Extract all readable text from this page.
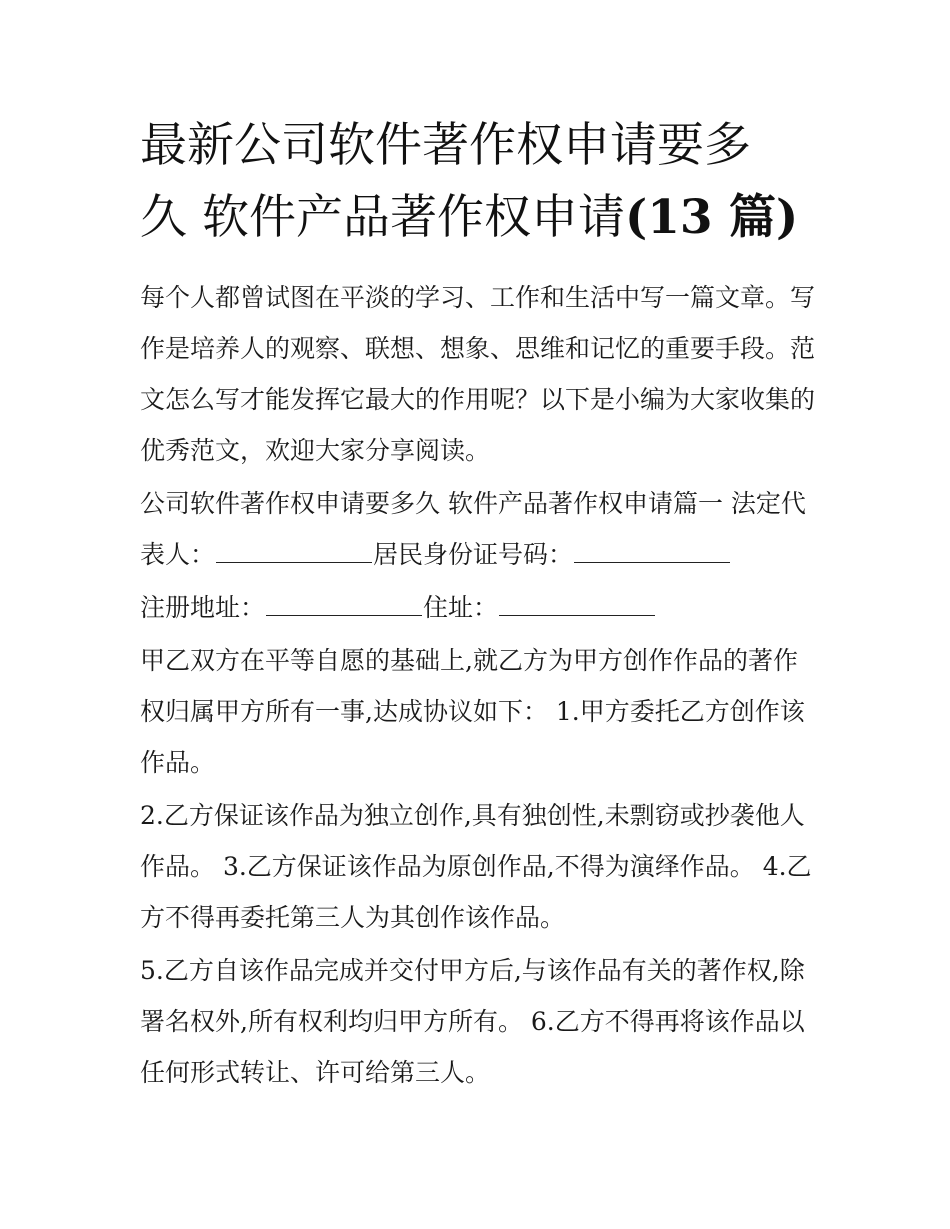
最新公司软件著作权申请要多
久 软件产品著作权申请(13 篇)

每个人都曾试图在平淡的学习、工作和生活中写一篇文章。写
作是培养人的观察、联想、想象、思维和记忆的重要手段。范
文怎么写才能发挥它最大的作用呢？以下是小编为大家收集的
优秀范文，欢迎大家分享阅读。

公司软件著作权申请要多久 软件产品著作权申请篇一 法定代
表人：	居民身份证号码：

注册地址：	住址：

甲乙双方在平等自愿的基础上,就乙方为甲方创作作品的著作
权归属甲方所有一事,达成协议如下： 1.甲方委托乙方创作该
作品。

2.乙方保证该作品为独立创作,具有独创性,未剽窃或抄袭他人
作品。 3.乙方保证该作品为原创作品,不得为演绎作品。 4.乙
方不得再委托第三人为其创作该作品。

5.乙方自该作品完成并交付甲方后,与该作品有关的著作权,除
署名权外,所有权利均归甲方所有。 6.乙方不得再将该作品以
任何形式转让、许可给第三人。
